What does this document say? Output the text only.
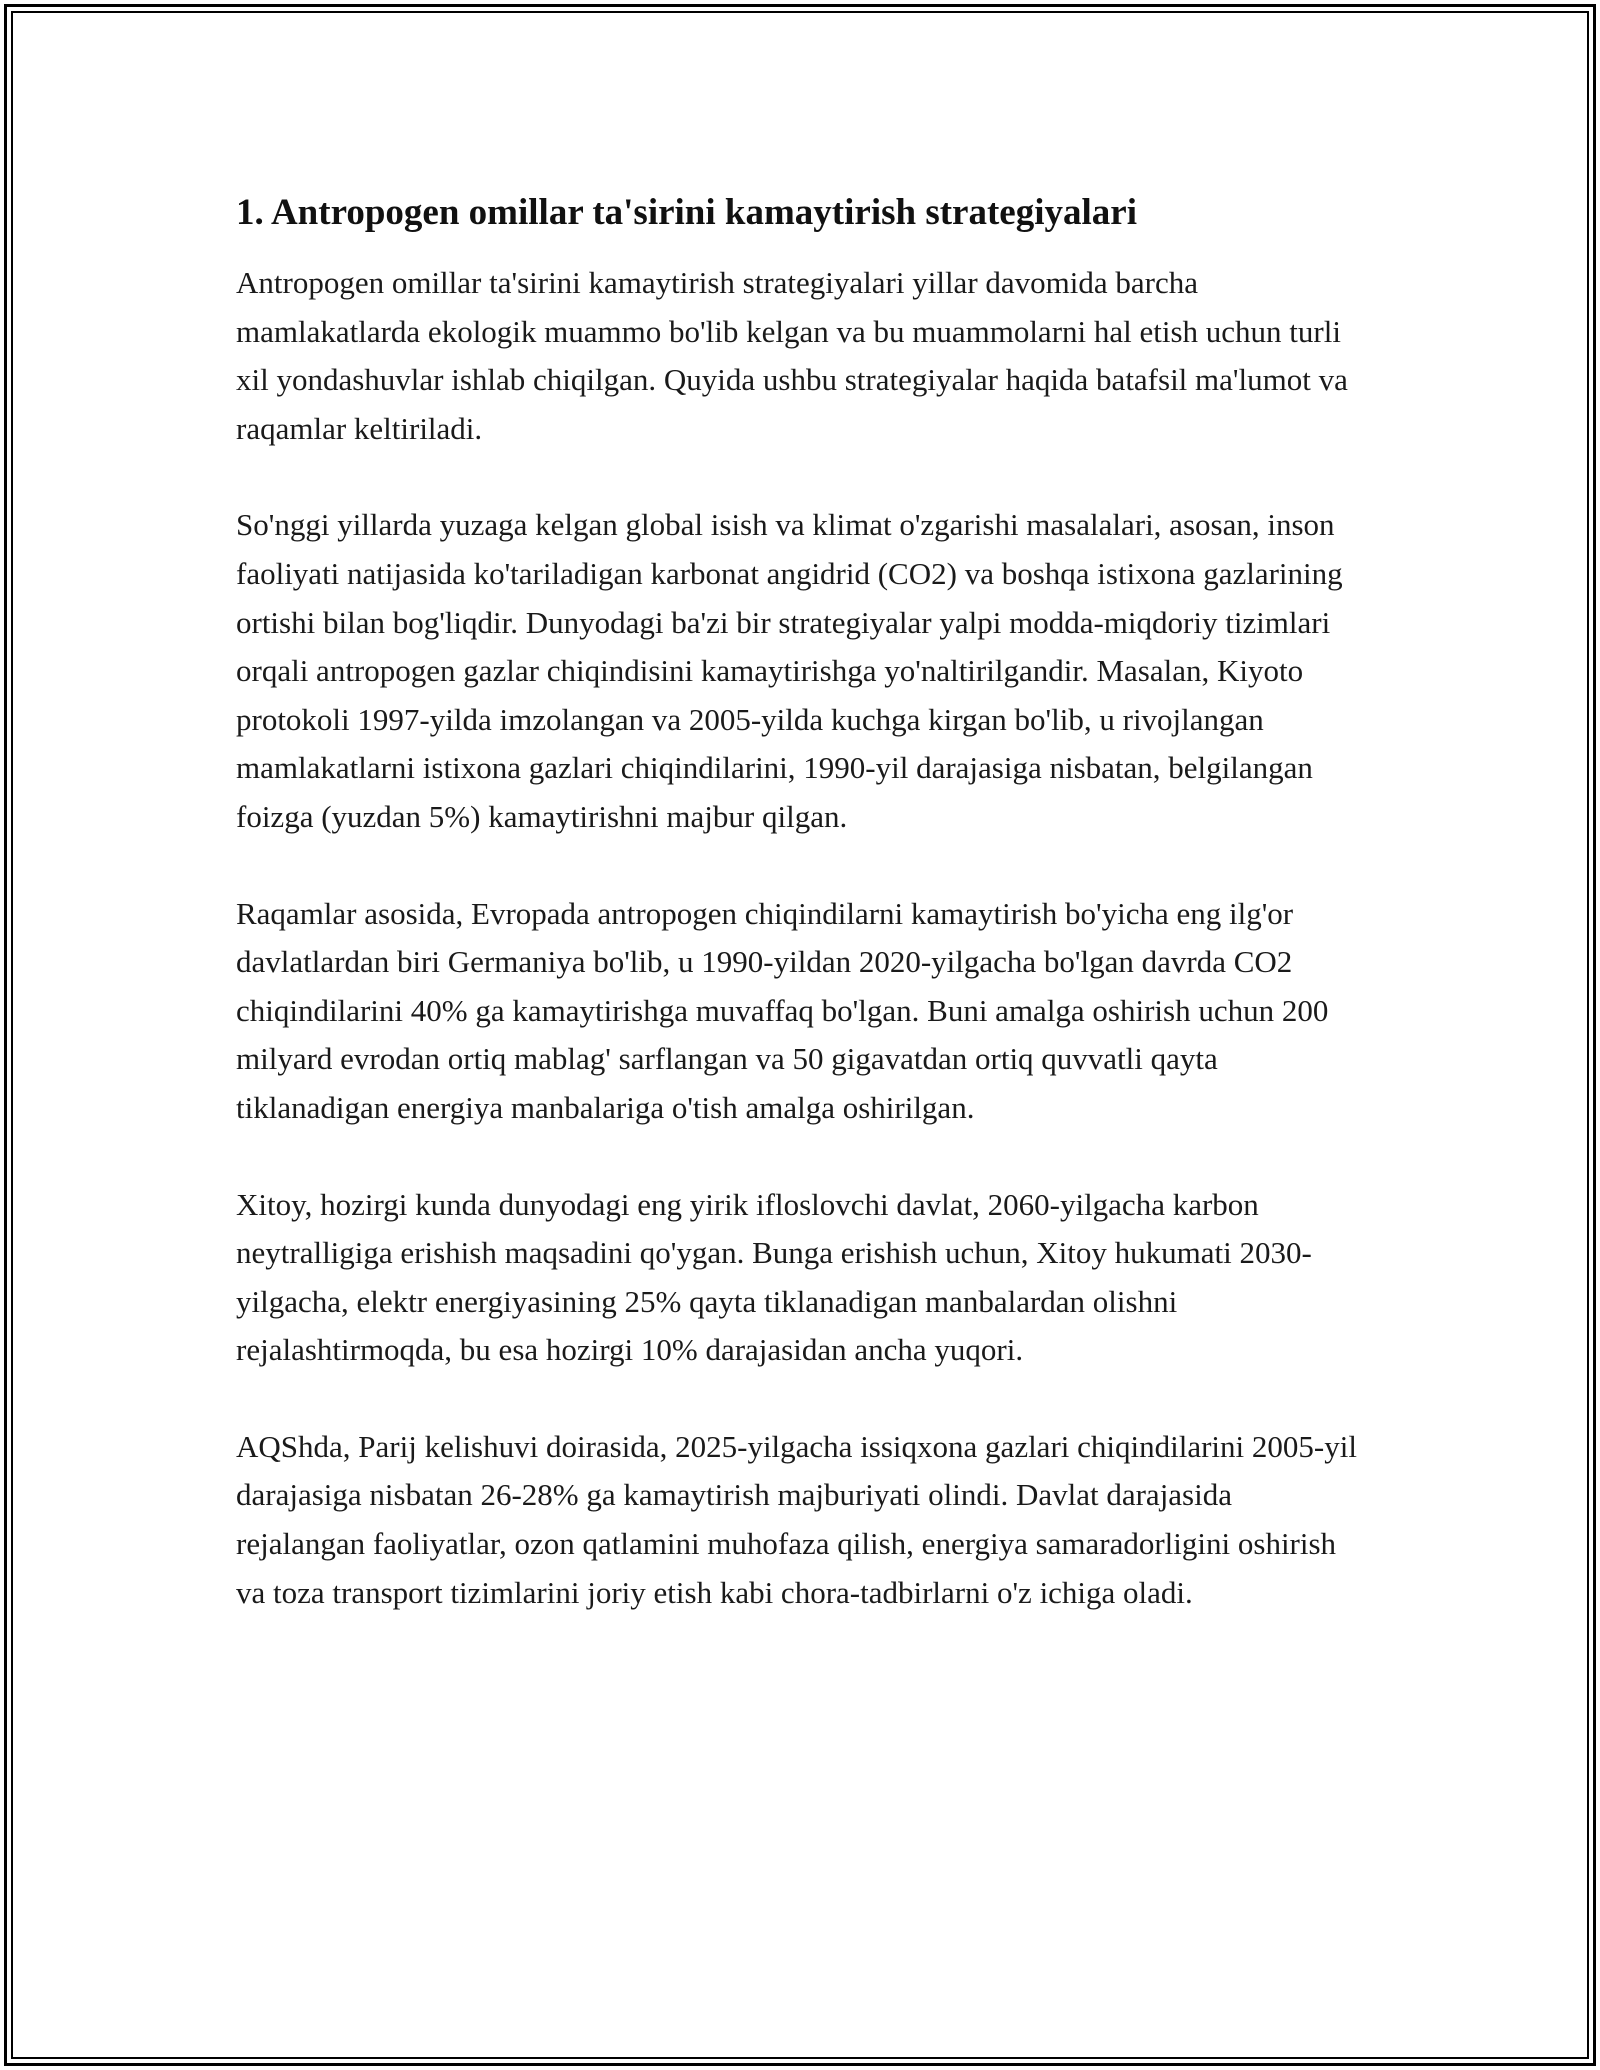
1. Antropogen omillar ta'sirini kamaytirish strategiyalari

Antropogen omillar ta'sirini kamaytirish strategiyalari yillar davomida barcha mamlakatlarda ekologik muammo bo'lib kelgan va bu muammolarni hal etish uchun turli xil yondashuvlar ishlab chiqilgan. Quyida ushbu strategiyalar haqida batafsil ma'lumot va raqamlar keltiriladi.

So'nggi yillarda yuzaga kelgan global isish va klimat o'zgarishi masalalari, asosan, inson faoliyati natijasida ko'tariladigan karbonat angidrid (CO2) va boshqa istixona gazlarining ortishi bilan bog'liqdir. Dunyodagi ba'zi bir strategiyalar yalpi modda-miqdoriy tizimlari orqali antropogen gazlar chiqindisini kamaytirishga yo'naltirilgandir. Masalan, Kiyoto protokoli 1997-yilda imzolangan va 2005-yilda kuchga kirgan bo'lib, u rivojlangan mamlakatlarni istixona gazlari chiqindilarini, 1990-yil darajasiga nisbatan, belgilangan foizga (yuzdan 5%) kamaytirishni majbur qilgan.

Raqamlar asosida, Evropada antropogen chiqindilarni kamaytirish bo'yicha eng ilg'or davlatlardan biri Germaniya bo'lib, u 1990-yildan 2020-yilgacha bo'lgan davrda CO2 chiqindilarini 40% ga kamaytirishga muvaffaq bo'lgan. Buni amalga oshirish uchun 200 milyard evrodan ortiq mablag' sarflangan va 50 gigavatdan ortiq quvvatli qayta tiklanadigan energiya manbalariga o'tish amalga oshirilgan.

Xitoy, hozirgi kunda dunyodagi eng yirik ifloslovchi davlat, 2060-yilgacha karbon neytralligiga erishish maqsadini qo'ygan. Bunga erishish uchun, Xitoy hukumati 2030-yilgacha, elektr energiyasining 25% qayta tiklanadigan manbalardan olishni rejalashtirmoqda, bu esa hozirgi 10% darajasidan ancha yuqori.

AQShda, Parij kelishuvi doirasida, 2025-yilgacha issiqxona gazlari chiqindilarini 2005-yil darajasiga nisbatan 26-28% ga kamaytirish majburiyati olindi. Davlat darajasida rejalangan faoliyatlar, ozon qatlamini muhofaza qilish, energiya samaradorligini oshirish va toza transport tizimlarini joriy etish kabi chora-tadbirlarni o'z ichiga oladi.
